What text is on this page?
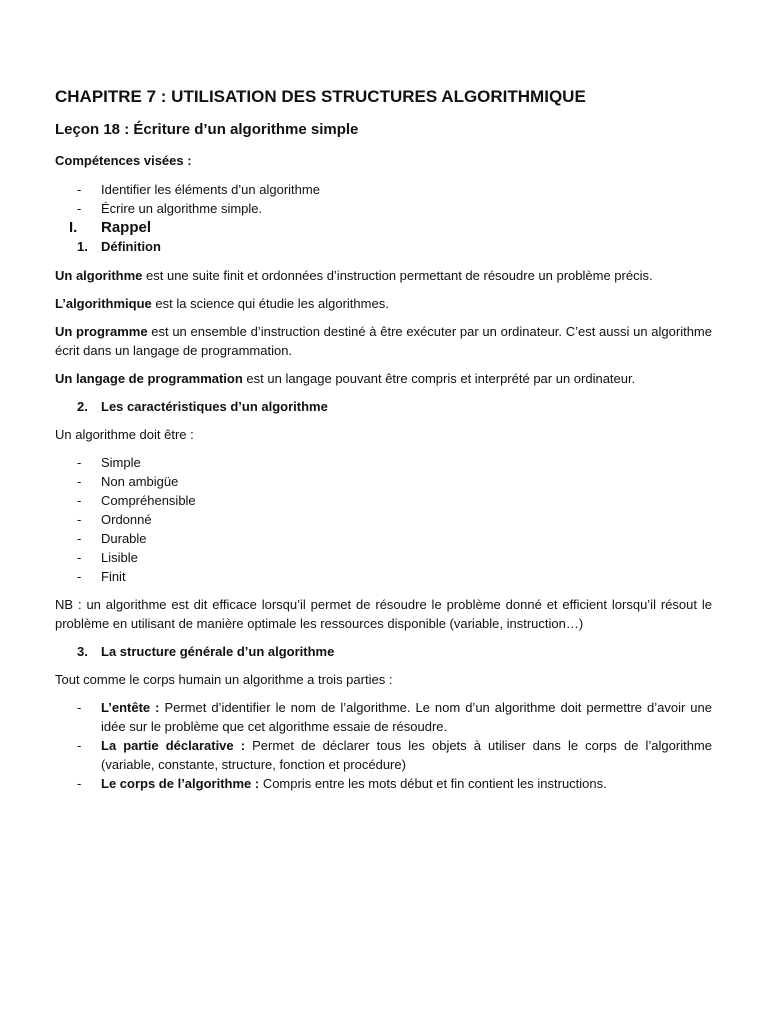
CHAPITRE 7 : UTILISATION DES STRUCTURES ALGORITHMIQUE
Leçon 18 : Écriture d’un algorithme simple

Compétences visées :

- Identifier les éléments d’un algorithme
- Écrire un algorithme simple.
I. Rappel
1. Définition

Un algorithme est une suite finit et ordonnées d’instruction permettant de résoudre un problème précis.

L’algorithmique est la science qui étudie les algorithmes.

Un programme est un ensemble d’instruction destiné à être exécuter par un ordinateur. C’est aussi un algorithme écrit dans un langage de programmation.

Un langage de programmation est un langage pouvant être compris et interprété par un ordinateur.

2. Les caractéristiques d’un algorithme

Un algorithme doit être :

- Simple
- Non ambigüe
- Compréhensible
- Ordonné
- Durable
- Lisible
- Finit

NB : un algorithme est dit efficace lorsqu’il permet de résoudre le problème donné et efficient lorsqu’il résout le problème en utilisant de manière optimale les ressources disponible (variable, instruction…)

3. La structure générale d’un algorithme

Tout comme le corps humain un algorithme a trois parties :

- L’entête : Permet d’identifier le nom de l’algorithme. Le nom d’un algorithme doit permettre d’avoir une idée sur le problème que cet algorithme essaie de résoudre.
- La partie déclarative : Permet de déclarer tous les objets à utiliser dans le corps de l’algorithme (variable, constante, structure, fonction et procédure)
- Le corps de l’algorithme : Compris entre les mots début et fin contient les instructions.
